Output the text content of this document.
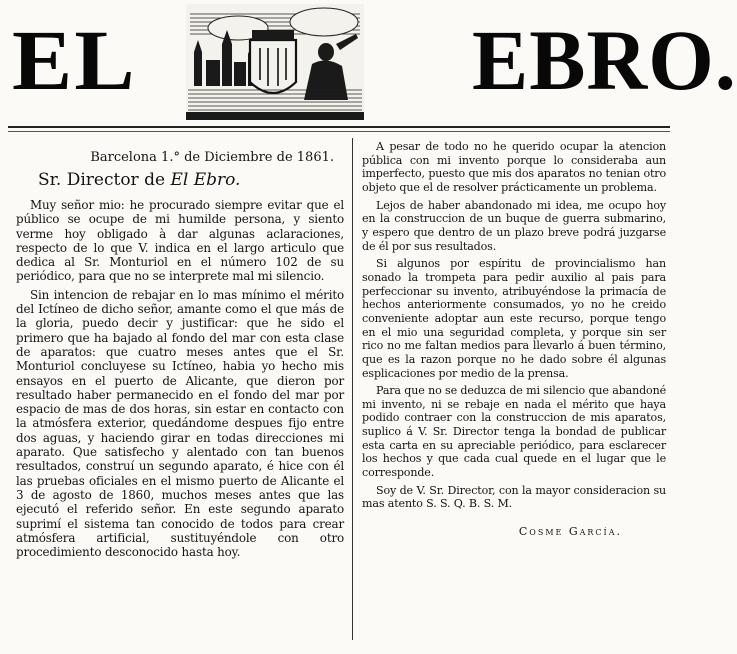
EL	EBRO.
Barcelona 1.° de Diciembre de 1861.
Sr. Director de El Ebro.

Muy señor mio: he procurado siempre evitar que el público se ocupe de mi humilde persona, y siento verme hoy obligado à dar algunas aclaraciones, respecto de lo que V. indica en el largo articulo que dedica al Sr. Monturiol en el número 102 de su periódico, para que no se interprete mal mi silencio.

Sin intencion de rebajar en lo mas mínimo el mérito del Ictíneo de dicho señor, amante como el que más de la gloria, puedo decir y justificar: que he sido el primero que ha bajado al fondo del mar con esta clase de aparatos: que cuatro meses antes que el Sr. Monturiol concluyese su Ictíneo, habia yo hecho mis ensayos en el puerto de Alicante, que dieron por resultado haber permanecido en el fondo del mar por espacio de mas de dos horas, sin estar en contacto con la atmósfera exterior, quedándome despues fijo entre dos aguas, y haciendo girar en todas direcciones mi aparato. Que satisfecho y alentado con tan buenos resultados, construí un segundo aparato, é hice con él las pruebas oficiales en el mismo puerto de Alicante el 3 de agosto de 1860, muchos meses antes que las ejecutó el referido señor. En este segundo aparato suprimí el sistema tan conocido de todos para crear atmósfera artificial, sustituyéndole con otro procedimiento desconocido hasta hoy.

A pesar de todo no he querido ocupar la atencion pública con mi invento porque lo consideraba aun imperfecto, puesto que mis dos aparatos no tenian otro objeto que el de resolver prácticamente un problema.

Lejos de haber abandonado mi idea, me ocupo hoy en la construccion de un buque de guerra submarino, y espero que dentro de un plazo breve podrá juzgarse de él por sus resultados.

Si algunos por espíritu de provincialismo han sonado la trompeta para pedir auxilio al pais para perfeccionar su invento, atribuyéndose la primacía de hechos anteriormente consumados, yo no he creido conveniente adoptar aun este recurso, porque tengo en el mio una seguridad completa, y porque sin ser rico no me faltan medios para llevarlo á buen término, que es la razon porque no he dado sobre él algunas esplicaciones por medio de la prensa.

Para que no se deduzca de mi silencio que abandoné mi invento, ni se rebaje en nada el mérito que haya podido contraer con la construccion de mis aparatos, suplico á V. Sr. Director tenga la bondad de publicar esta carta en su apreciable periódico, para esclarecer los hechos y que cada cual quede en el lugar que le corresponde.

Soy de V. Sr. Director, con la mayor consideracion su mas atento S. S. Q. B. S. M.

Cosme García.
